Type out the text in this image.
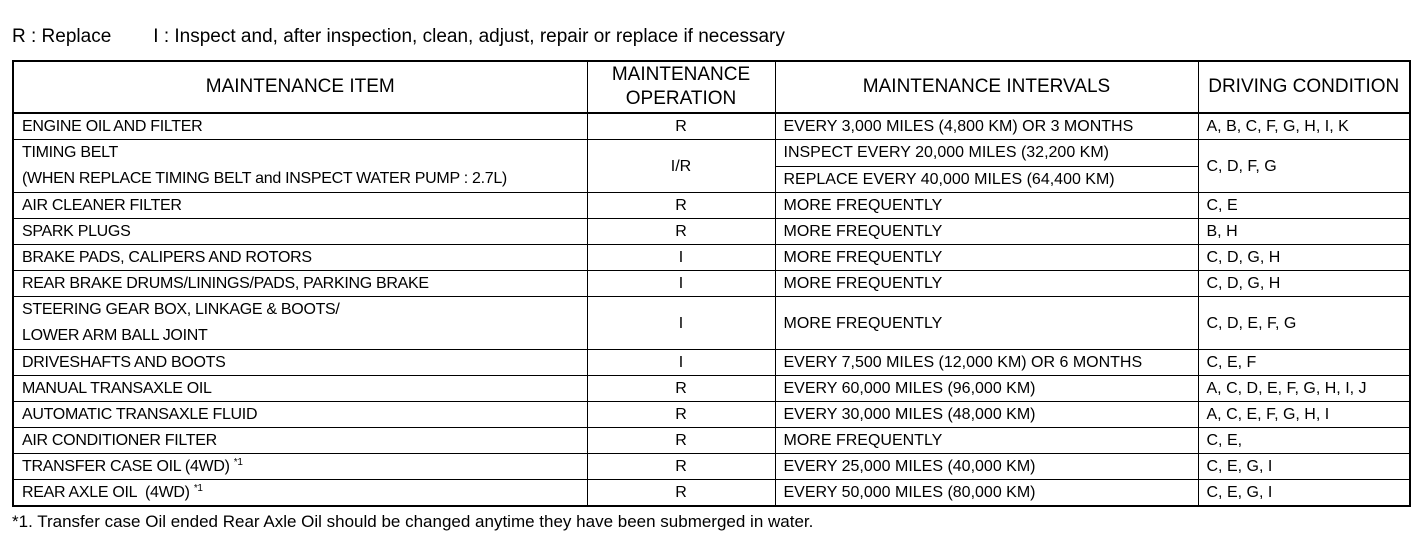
R : Replace I : Inspect and, after inspection, clean, adjust, repair or replace if necessary
MAINTENANCE ITEM	MAINTENANCE OPERATION	MAINTENANCE INTERVALS	DRIVING CONDITION
ENGINE OIL AND FILTER	R	EVERY 3,000 MILES (4,800 KM) OR 3 MONTHS	A, B, C, F, G, H, I, K
TIMING BELT
(WHEN REPLACE TIMING BELT and INSPECT WATER PUMP : 2.7L)	I/R	INSPECT EVERY 20,000 MILES (32,200 KM)	C, D, F, G
		REPLACE EVERY 40,000 MILES (64,400 KM)	
AIR CLEANER FILTER	R	MORE FREQUENTLY	C, E
SPARK PLUGS	R	MORE FREQUENTLY	B, H
BRAKE PADS, CALIPERS AND ROTORS	I	MORE FREQUENTLY	C, D, G, H
REAR BRAKE DRUMS/LININGS/PADS, PARKING BRAKE	I	MORE FREQUENTLY	C, D, G, H
STEERING GEAR BOX, LINKAGE & BOOTS/
LOWER ARM BALL JOINT	I	MORE FREQUENTLY	C, D, E, F, G
DRIVESHAFTS AND BOOTS	I	EVERY 7,500 MILES (12,000 KM) OR 6 MONTHS	C, E, F
MANUAL TRANSAXLE OIL	R	EVERY 60,000 MILES (96,000 KM)	A, C, D, E, F, G, H, I, J
AUTOMATIC TRANSAXLE FLUID	R	EVERY 30,000 MILES (48,000 KM)	A, C, E, F, G, H, I
AIR CONDITIONER FILTER	R	MORE FREQUENTLY	C, E,
TRANSFER CASE OIL (4WD) $^{*1}$	R	EVERY 25,000 MILES (40,000 KM)	C, E, G, I
REAR AXLE OIL  (4WD) $^{*1}$	R	EVERY 50,000 MILES (80,000 KM)	C, E, G, I
*1. Transfer case Oil ended Rear Axle Oil should be changed anytime they have been submerged in water.
